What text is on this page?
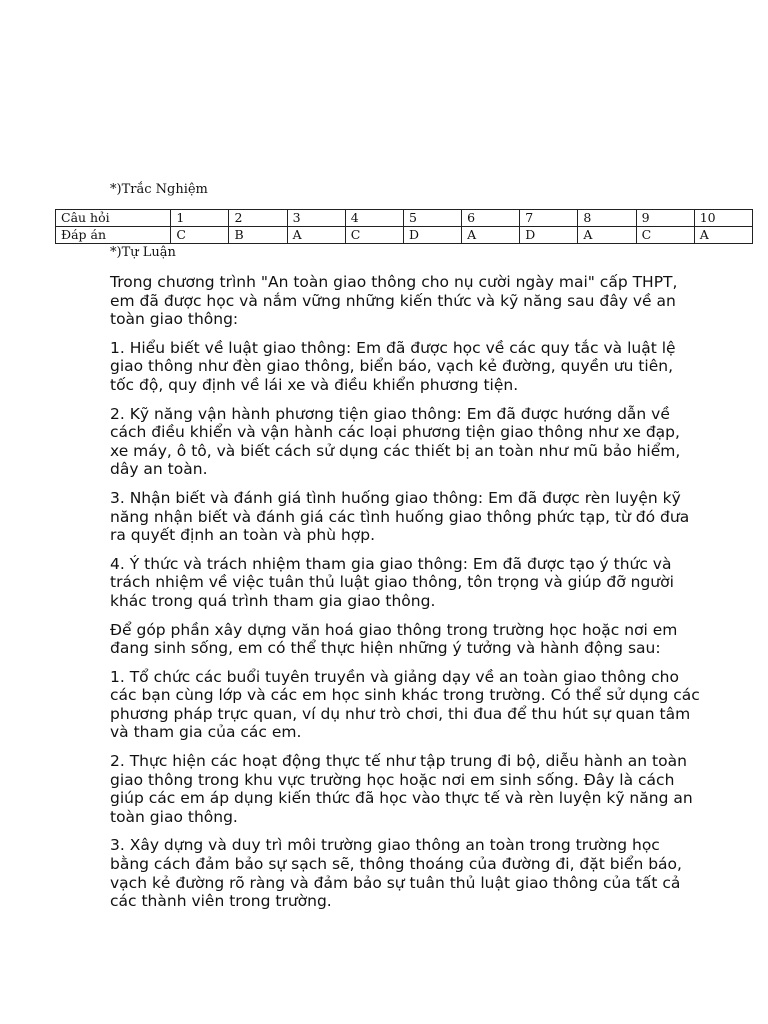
*)Trắc Nghiệm
Câu hỏi	1	2	3	4	5	6	7	8	9	10
Đáp án	C	B	A	C	D	A	D	A	C	A
*)Tự Luận

Trong chương trình "An toàn giao thông cho nụ cười ngày mai" cấp THPT, em đã được học và nắm vững những kiến thức và kỹ năng sau đây về an toàn giao thông:

1. Hiểu biết về luật giao thông: Em đã được học về các quy tắc và luật lệ giao thông như đèn giao thông, biển báo, vạch kẻ đường, quyền ưu tiên, tốc độ, quy định về lái xe và điều khiển phương tiện.

2. Kỹ năng vận hành phương tiện giao thông: Em đã được hướng dẫn về cách điều khiển và vận hành các loại phương tiện giao thông như xe đạp, xe máy, ô tô, và biết cách sử dụng các thiết bị an toàn như mũ bảo hiểm, dây an toàn.

3. Nhận biết và đánh giá tình huống giao thông: Em đã được rèn luyện kỹ năng nhận biết và đánh giá các tình huống giao thông phức tạp, từ đó đưa ra quyết định an toàn và phù hợp.

4. Ý thức và trách nhiệm tham gia giao thông: Em đã được tạo ý thức và trách nhiệm về việc tuân thủ luật giao thông, tôn trọng và giúp đỡ người khác trong quá trình tham gia giao thông.

Để góp phần xây dựng văn hoá giao thông trong trường học hoặc nơi em đang sinh sống, em có thể thực hiện những ý tưởng và hành động sau:

1. Tổ chức các buổi tuyên truyền và giảng dạy về an toàn giao thông cho các bạn cùng lớp và các em học sinh khác trong trường. Có thể sử dụng các phương pháp trực quan, ví dụ như trò chơi, thi đua để thu hút sự quan tâm và tham gia của các em.

2. Thực hiện các hoạt động thực tế như tập trung đi bộ, diễu hành an toàn giao thông trong khu vực trường học hoặc nơi em sinh sống. Đây là cách giúp các em áp dụng kiến thức đã học vào thực tế và rèn luyện kỹ năng an toàn giao thông.

3. Xây dựng và duy trì môi trường giao thông an toàn trong trường học bằng cách đảm bảo sự sạch sẽ, thông thoáng của đường đi, đặt biển báo, vạch kẻ đường rõ ràng và đảm bảo sự tuân thủ luật giao thông của tất cả các thành viên trong trường.
